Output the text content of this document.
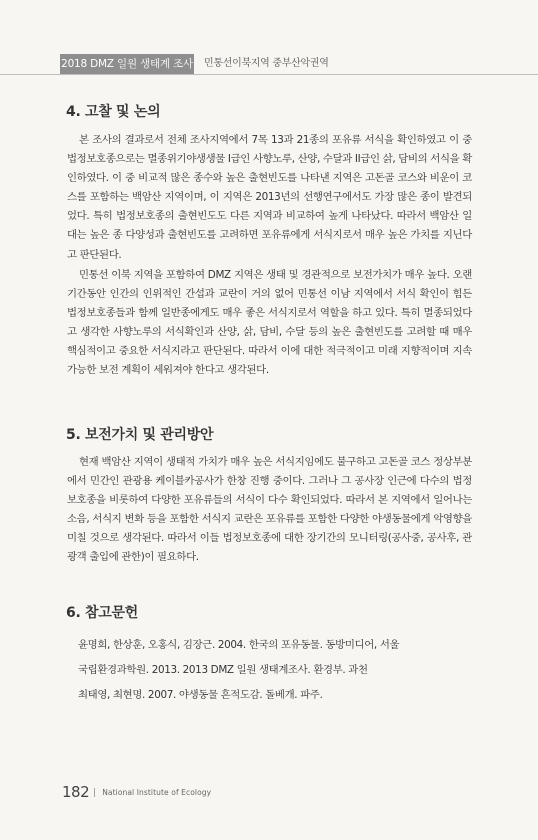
2018 DMZ 일원 생태계 조사 민통선이북지역 중부산악권역
4. 고찰 및 논의

본 조사의 결과로서 전체 조사지역에서 7목 13과 21종의 포유류 서식을 확인하였고 이 중 법정보호종으로는 멸종위기야생생물 I급인 사향노루, 산양, 수달과 II급인 삵, 담비의 서식을 확인하였다. 이 중 비교적 많은 종수와 높은 출현빈도를 나타낸 지역은 고돈골 코스와 비운이 코스를 포함하는 백암산 지역이며, 이 지역은 2013년의 선행연구에서도 가장 많은 종이 발견되었다. 특히 법정보호종의 출현빈도도 다른 지역과 비교하여 높게 나타났다. 따라서 백암산 일대는 높은 종 다양성과 출현빈도를 고려하면 포유류에게 서식지로서 매우 높은 가치를 지닌다고 판단된다.

민통선 이북 지역을 포함하여 DMZ 지역은 생태 및 경관적으로 보전가치가 매우 높다. 오랜 기간동안 인간의 인위적인 간섭과 교란이 거의 없어 민통선 이남 지역에서 서식 확인이 힘든 법정보호종들과 함께 일반종에게도 매우 좋은 서식지로서 역할을 하고 있다. 특히 멸종되었다고 생각한 사향노루의 서식확인과 산양, 삵, 담비, 수달 등의 높은 출현빈도를 고려할 때 매우 핵심적이고 중요한 서식지라고 판단된다. 따라서 이에 대한 적극적이고 미래 지향적이며 지속가능한 보전 계획이 세워져야 한다고 생각된다.

5. 보전가치 및 관리방안

현재 백암산 지역이 생태적 가치가 매우 높은 서식지임에도 불구하고 고돈골 코스 정상부분에서 민간인 관광용 케이블카공사가 한창 진행 중이다. 그러나 그 공사장 인근에 다수의 법정보호종을 비롯하여 다양한 포유류들의 서식이 다수 확인되었다. 따라서 본 지역에서 일어나는 소음, 서식지 변화 등을 포함한 서식지 교란은 포유류를 포함한 다양한 야생동물에게 악영향을 미칠 것으로 생각된다. 따라서 이들 법정보호종에 대한 장기간의 모니터링(공사중, 공사후, 관광객 출입에 관한)이 필요하다.

6. 참고문헌
윤명희, 한상훈, 오홍식, 김장근. 2004. 한국의 포유동물. 동방미디어, 서울
국립환경과학원. 2013. 2013 DMZ 일원 생태계조사. 환경부. 과천
최태영, 최현명. 2007. 야생동물 흔적도감. 돌베개. 파주.
182 | National Institute of Ecology
